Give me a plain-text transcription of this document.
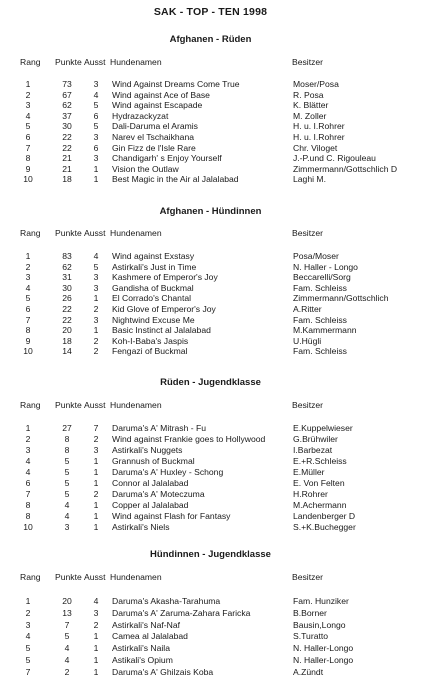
SAK - TOP - TEN 1998
Afghanen - Rüden
Rang Punkte Ausst Hundenamen	Besitzer
1	73	3	Wind Against Dreams Come True	Moser/Posa
2	67	4	Wind against Ace of Base	R. Posa
3	62	5	Wind against Escapade	K. Blätter
4	37	6	Hydrazackyzat	M. Zoller
5	30	5	Dali-Daruma el Aramis	H. u. I.Rohrer
6	22	3	Narev el Tschaikhana	H. u. I.Rohrer
7	22	6	Gin Fizz de l'Isle Rare	Chr. Viloget
8	21	3	Chandigarh' s Enjoy Yourself	J.-P.und C. Rigouleau
9	21	1	Vision the Outlaw	Zimmermann/Gottschlich D
10	18	1	Best Magic in the Air al Jalalabad	Laghi M.
Afghanen - Hündinnen
Rang Punkte Ausst Hundenamen	Besitzer
1	83	4	Wind against Exstasy	Posa/Moser
2	62	5	Astirkali's Just in Time	N. Haller - Longo
3	31	3	Kashmere of Emperor's Joy	Beccarelli/Sorg
4	30	3	Gandisha of Buckmal	Fam. Schleiss
5	26	1	El Corrado's Chantal	Zimmermann/Gottschlich
6	22	2	Kid Glove of Emperor's Joy	A.Ritter
7	22	3	Nightwind Excuse Me	Fam. Schleiss
8	20	1	Basic Instinct al Jalalabad	M.Kammermann
9	18	2	Koh-I-Baba's Jaspis	U.Hügli
10	14	2	Fengazi of Buckmal	Fam. Schleiss
Rüden - Jugendklasse
Rang Punkte Ausst Hundenamen	Besitzer
1	27	7	Daruma's A' Mitrash - Fu	E.Kuppelwieser
2	8	2	Wind against Frankie goes to Hollywood	G.Brühwiler
3	8	3	Astirkali's Nuggets	I.Barbezat
4	5	1	Grannush of Buckmal	E.+R.Schleiss
4	5	1	Daruma's A' Huxley - Schong	E.Müller
6	5	1	Connor al Jalalabad	E. Von Felten
7	5	2	Daruma's A' Moteczuma	H.Rohrer
8	4	1	Copper al Jalalabad	M.Achermann
8	4	1	Wind against Flash for Fantasy	Landenberger D
10	3	1	Astirkali's Niels	S.+K.Buchegger
Hündinnen - Jugendklasse
Rang Punkte Ausst Hundenamen	Besitzer
1	20	4	Daruma's Akasha-Tarahuma	Fam. Hunziker
2	13	3	Daruma's A' Zaruma-Zahara Faricka	B.Borner
3	7	2	Astirkali's Naf-Naf	Bausin,Longo
4	5	1	Camea al Jalalabad	S.Turatto
5	4	1	Astirkali's Naila	N. Haller-Longo
5	4	1	Astikali's Opium	N. Haller-Longo
7	2	1	Daruma's A' Ghilzais Koba	A.Zündt
